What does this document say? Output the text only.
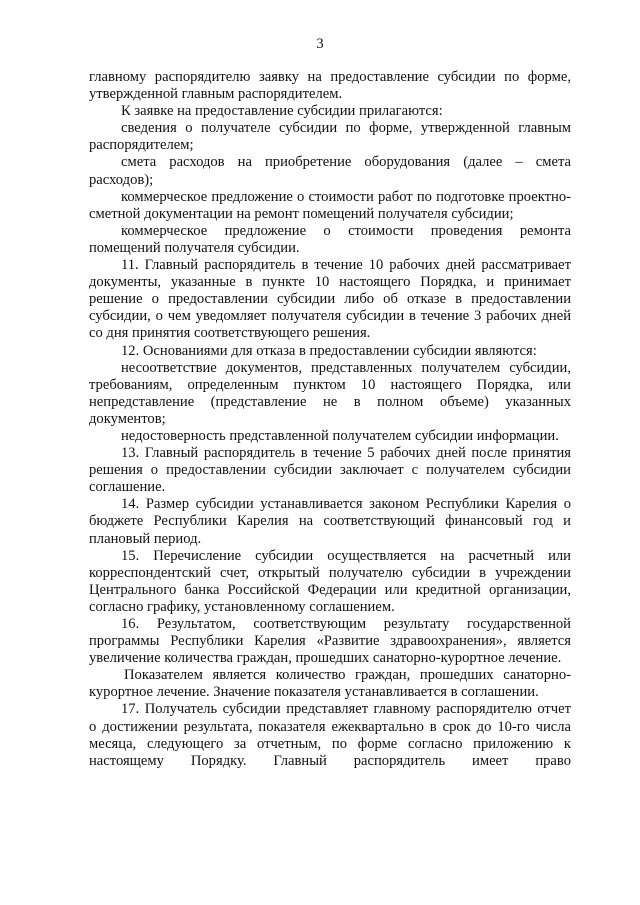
3

главному распорядителю заявку на предоставление субсидии по форме, утвержденной главным распорядителем.

К заявке на предоставление субсидии прилагаются:

сведения о получателе субсидии по форме, утвержденной главным распорядителем;

смета расходов на приобретение оборудования (далее – смета расходов);

коммерческое предложение о стоимости работ по подготовке проектно-сметной документации на ремонт помещений получателя субсидии;

коммерческое предложение о стоимости проведения ремонта помещений получателя субсидии.

11. Главный распорядитель в течение 10 рабочих дней рассматривает документы, указанные в пункте 10 настоящего Порядка, и принимает решение о предоставлении субсидии либо об отказе в предоставлении субсидии, о чем уведомляет получателя субсидии в течение 3 рабочих дней со дня принятия соответствующего решения.

12. Основаниями для отказа в предоставлении субсидии являются:

несоответствие документов, представленных получателем субсидии, требованиям, определенным пунктом 10 настоящего Порядка, или непредставление (представление не в полном объеме) указанных документов;

недостоверность представленной получателем субсидии информации.

13. Главный распорядитель в течение 5 рабочих дней после принятия решения о предоставлении субсидии заключает с получателем субсидии соглашение.

14. Размер субсидии устанавливается законом Республики Карелия о бюджете Республики Карелия на соответствующий финансовый год и плановый период.

15. Перечисление субсидии осуществляется на расчетный или корреспондентский счет, открытый получателю субсидии в учреждении Центрального банка Российской Федерации или кредитной организации, согласно графику, установленному соглашением.

16. Результатом, соответствующим результату государственной программы Республики Карелия «Развитие здравоохранения», является увеличение количества граждан, прошедших санаторно-курортное лечение.

Показателем является количество граждан, прошедших санаторно-курортное лечение. Значение показателя устанавливается в соглашении.

17. Получатель субсидии представляет главному распорядителю отчет о достижении результата, показателя ежеквартально в срок до 10-го числа месяца, следующего за отчетным, по форме согласно приложению к настоящему Порядку. Главный распорядитель имеет право
